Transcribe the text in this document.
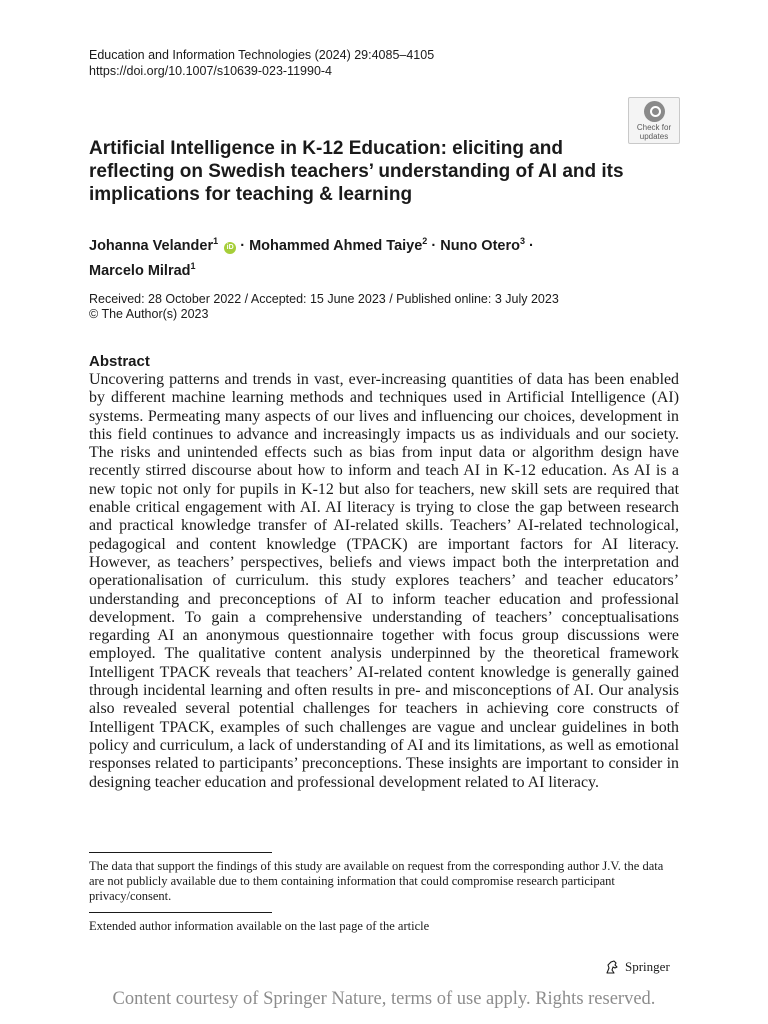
Education and Information Technologies (2024) 29:4085–4105
https://doi.org/10.1007/s10639-023-11990-4
Check for
updates
Artificial Intelligence in K-12 Education: eliciting and reflecting on Swedish teachers’ understanding of AI and its implications for teaching & learning
Johanna Velander$^1$ iD · Mohammed Ahmed Taiye$^2$ · Nuno Otero$^3$ ·
Marcelo Milrad$^1$
Received: 28 October 2022 / Accepted: 15 June 2023 / Published online: 3 July 2023
© The Author(s) 2023
Abstract

Uncovering patterns and trends in vast, ever-increasing quantities of data has been enabled by different machine learning methods and techniques used in Artificial Intelligence (AI) systems. Permeating many aspects of our lives and influencing our choices, development in this field continues to advance and increasingly impacts us as individuals and our society. The risks and unintended effects such as bias from input data or algorithm design have recently stirred discourse about how to inform and teach AI in K-12 education. As AI is a new topic not only for pupils in K-12 but also for teachers, new skill sets are required that enable critical engagement with AI. AI literacy is trying to close the gap between research and practical knowledge transfer of AI-related skills. Teachers’ AI-related technological, pedagogical and content knowledge (TPACK) are important factors for AI literacy. However, as teachers’ perspectives, beliefs and views impact both the interpretation and operationalisation of curriculum. this study explores teachers’ and teacher educators’ understanding and preconceptions of AI to inform teacher education and professional development. To gain a comprehensive understanding of teachers’ conceptualisations regarding AI an anonymous questionnaire together with focus group discussions were employed. The qualitative content analysis underpinned by the theoretical framework Intelligent TPACK reveals that teachers’ AI-related content knowledge is generally gained through incidental learning and often results in pre- and misconceptions of AI. Our analysis also revealed several potential challenges for teachers in achieving core constructs of Intelligent TPACK, examples of such challenges are vague and unclear guidelines in both policy and curriculum, a lack of understanding of AI and its limitations, as well as emotional responses related to participants’ preconceptions. These insights are important to consider in designing teacher education and professional development related to AI literacy.

The data that support the findings of this study are available on request from the corresponding author J.V. the data are not publicly available due to them containing information that could compromise research participant privacy/consent.

Extended author information available on the last page of the article

Springer
Content courtesy of Springer Nature, terms of use apply. Rights reserved.
